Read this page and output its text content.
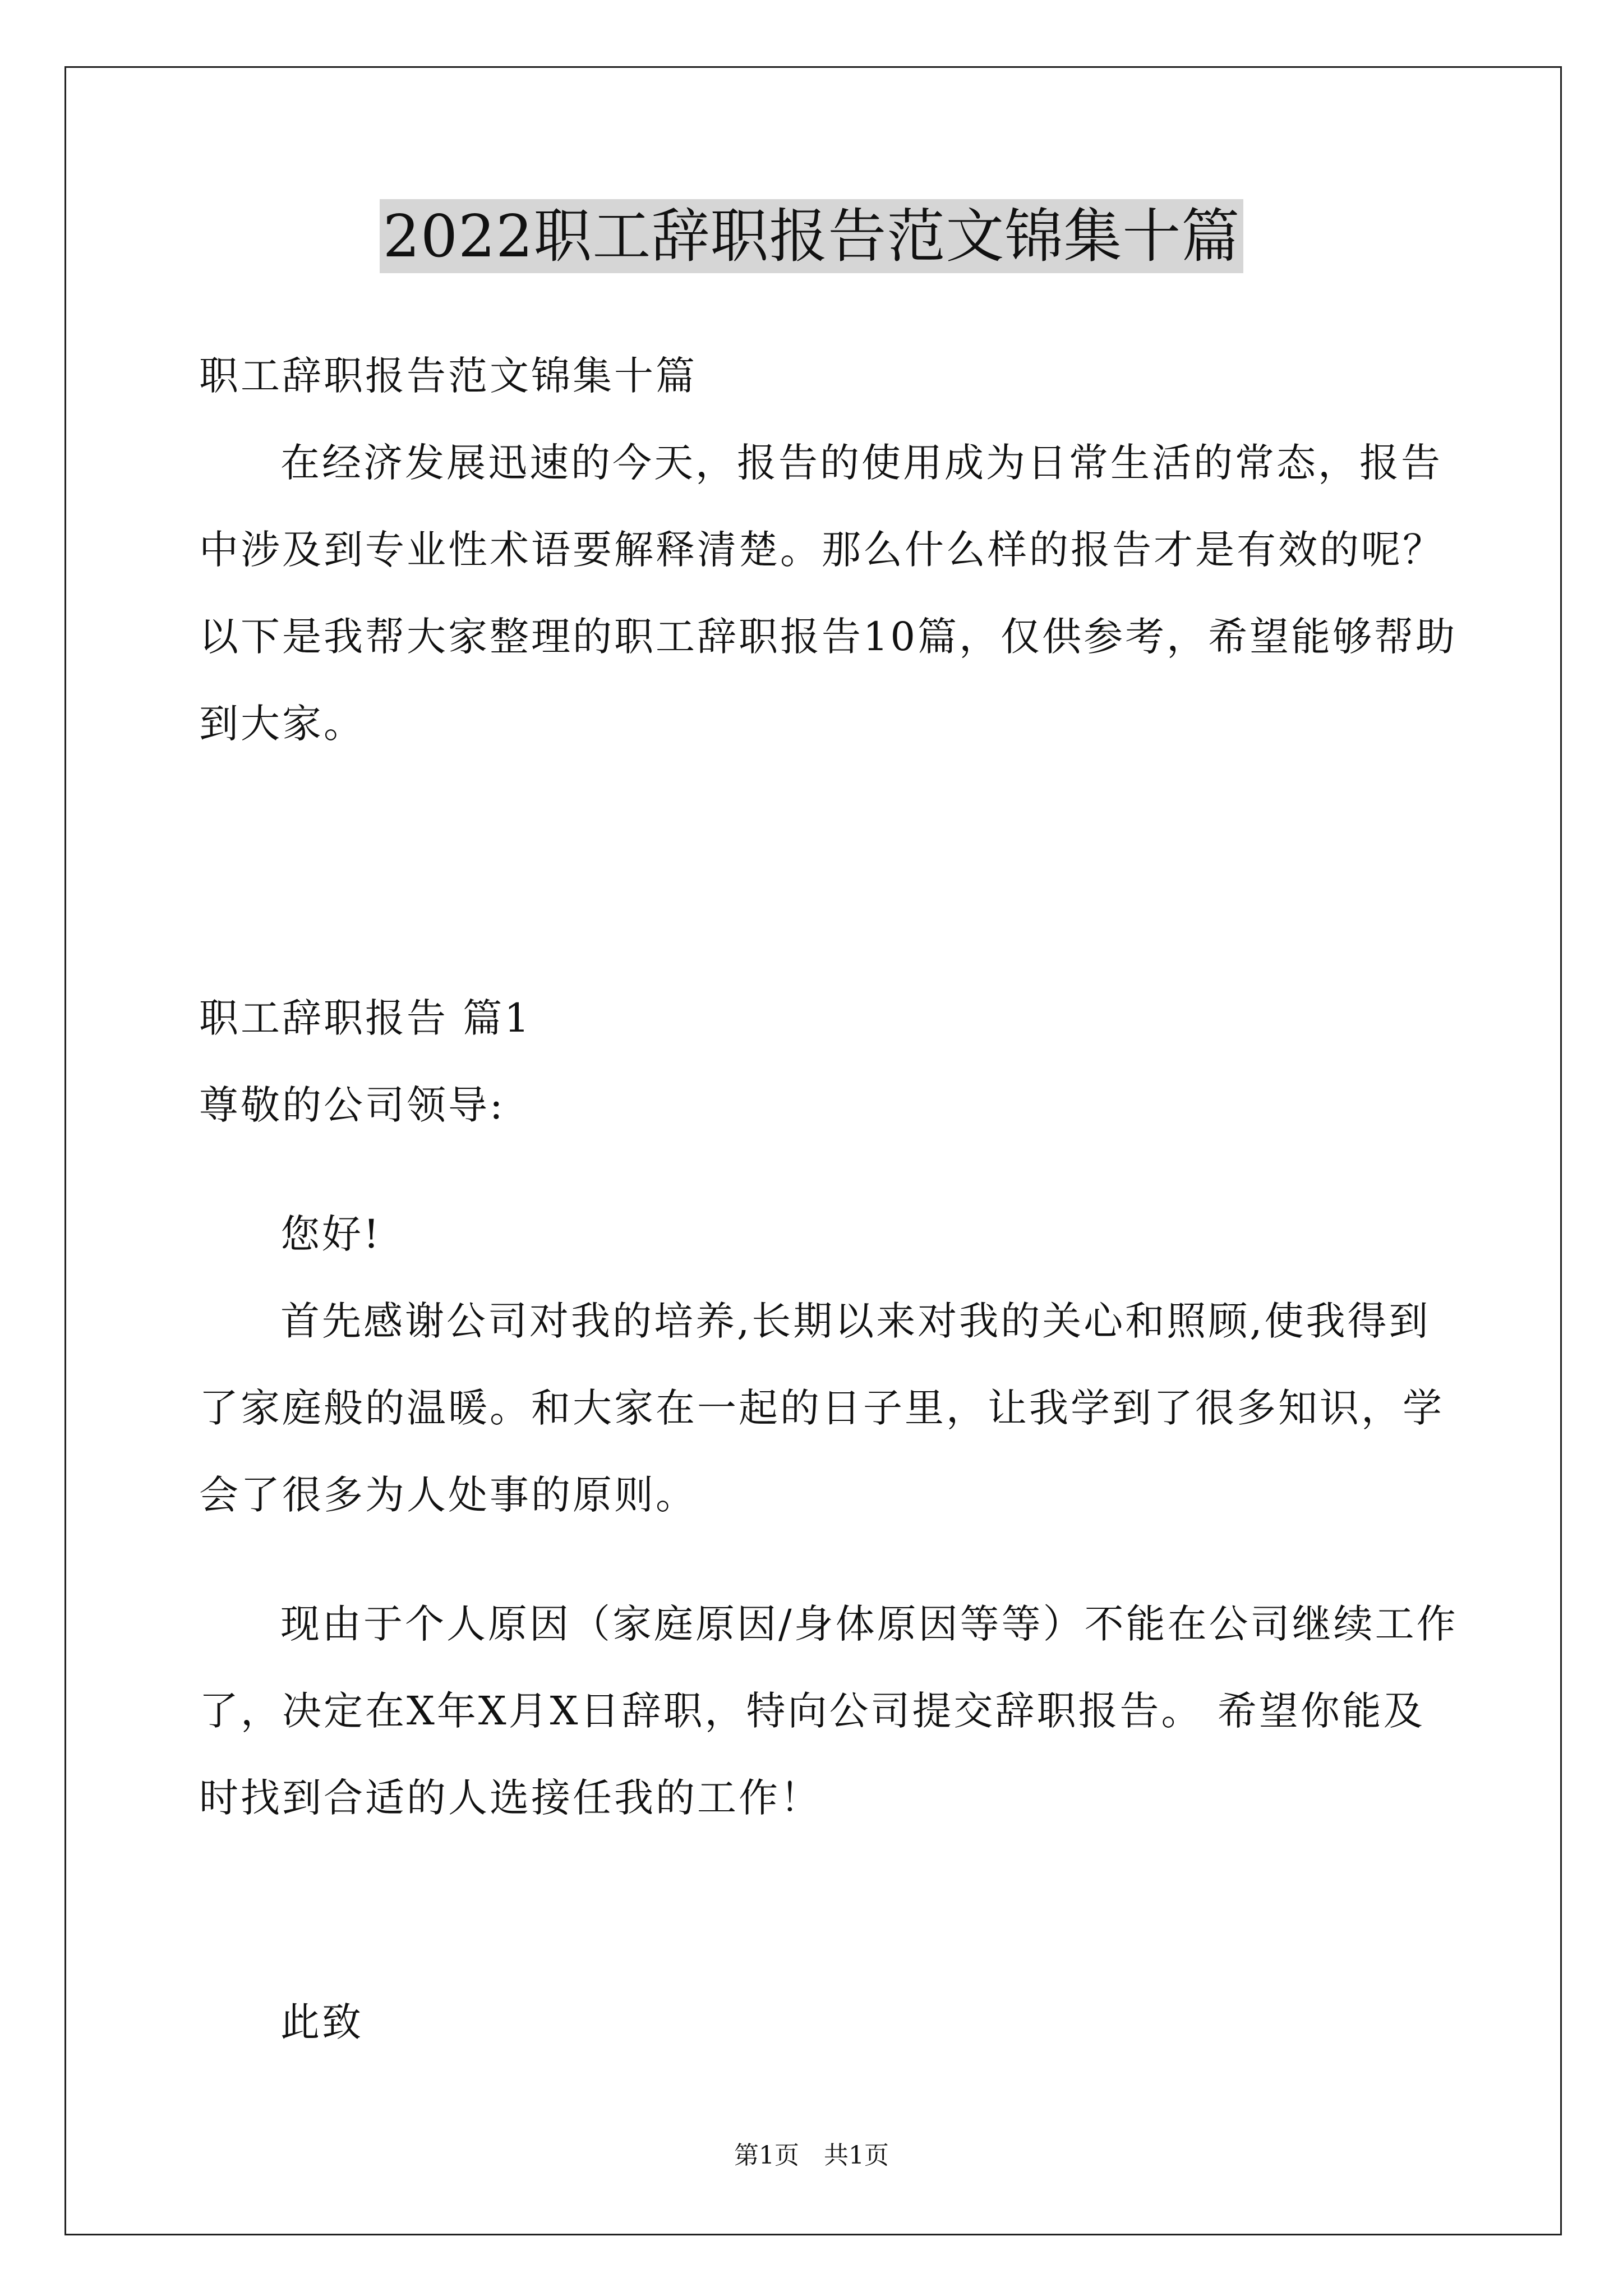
2022职工辞职报告范文锦集十篇
职工辞职报告范文锦集十篇
在经济发展迅速的今天，报告的使用成为日常生活的常态，报告
中涉及到专业性术语要解释清楚。那么什么样的报告才是有效的呢？
以下是我帮大家整理的职工辞职报告10篇，仅供参考，希望能够帮助
到大家。
职工辞职报告 篇1
尊敬的公司领导:
您好!
首先感谢公司对我的培养,长期以来对我的关心和照顾,使我得到
了家庭般的温暖。和大家在一起的日子里，让我学到了很多知识，学
会了很多为人处事的原则。
现由于个人原因（家庭原因/身体原因等等）不能在公司继续工作
了，决定在X年X月X日辞职，特向公司提交辞职报告。 希望你能及
时找到合适的人选接任我的工作！
此致
第1页　共1页
